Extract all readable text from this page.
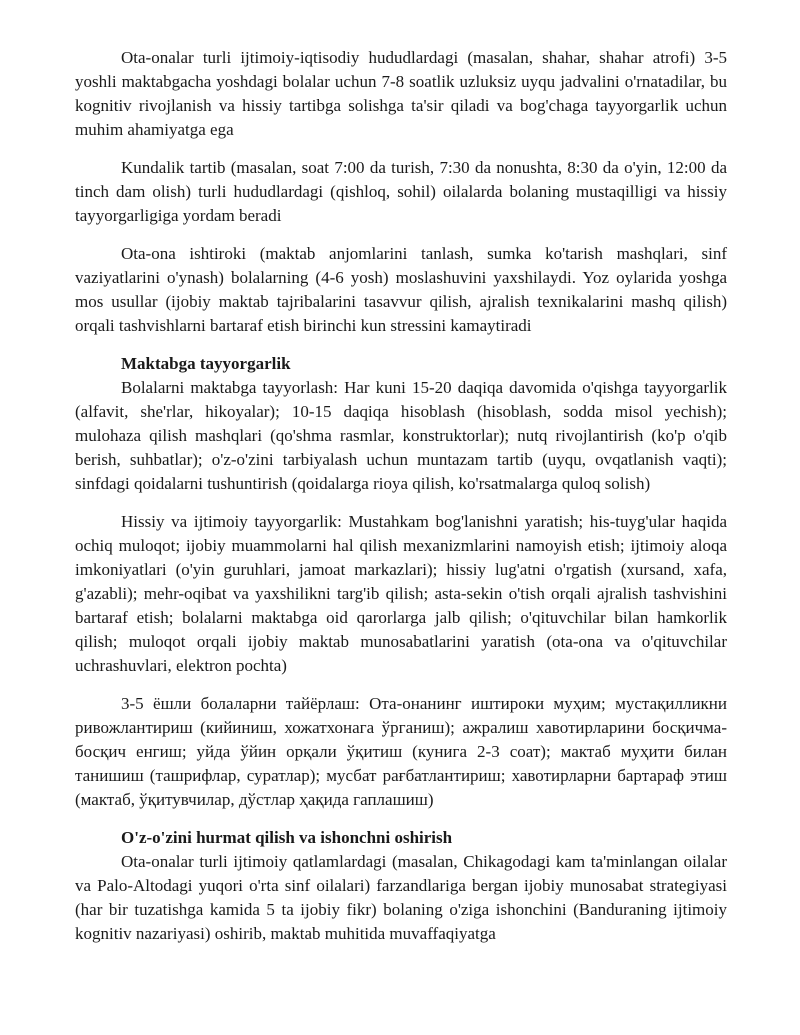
Ota-onalar turli ijtimoiy-iqtisodiy hududlardagi (masalan, shahar, shahar atrofi) 3-5 yoshli maktabgacha yoshdagi bolalar uchun 7-8 soatlik uzluksiz uyqu jadvalini o'rnatadilar, bu kognitiv rivojlanish va hissiy tartibga solishga ta'sir qiladi va bog'chaga tayyorgarlik uchun muhim ahamiyatga ega

Kundalik tartib (masalan, soat 7:00 da turish, 7:30 da nonushta, 8:30 da o'yin, 12:00 da tinch dam olish) turli hududlardagi (qishloq, sohil) oilalarda bolaning mustaqilligi va hissiy tayyorgarligiga yordam beradi

Ota-ona ishtiroki (maktab anjomlarini tanlash, sumka ko'tarish mashqlari, sinf vaziyatlarini o'ynash) bolalarning (4-6 yosh) moslashuvini yaxshilaydi. Yoz oylarida yoshga mos usullar (ijobiy maktab tajribalarini tasavvur qilish, ajralish texnikalarini mashq qilish) orqali tashvishlarni bartaraf etish birinchi kun stressini kamaytiradi

Maktabga tayyorgarlik

Bolalarni maktabga tayyorlash: Har kuni 15-20 daqiqa davomida o'qishga tayyorgarlik (alfavit, she'rlar, hikoyalar); 10-15 daqiqa hisoblash (hisoblash, sodda misol yechish); mulohaza qilish mashqlari (qo'shma rasmlar, konstruktorlar); nutq rivojlantirish (ko'p o'qib berish, suhbatlar); o'z-o'zini tarbiyalash uchun muntazam tartib (uyqu, ovqatlanish vaqti); sinfdagi qoidalarni tushuntirish (qoidalarga rioya qilish, ko'rsatmalarga quloq solish)

Hissiy va ijtimoiy tayyorgarlik: Mustahkam bog'lanishni yaratish; his-tuyg'ular haqida ochiq muloqot; ijobiy muammolarni hal qilish mexanizmlarini namoyish etish; ijtimoiy aloqa imkoniyatlari (o'yin guruhlari, jamoat markazlari); hissiy lug'atni o'rgatish (xursand, xafa, g'azabli); mehr-oqibat va yaxshilikni targ'ib qilish; asta-sekin o'tish orqali ajralish tashvishini bartaraf etish; bolalarni maktabga oid qarorlarga jalb qilish; o'qituvchilar bilan hamkorlik qilish; muloqot orqali ijobiy maktab munosabatlarini yaratish (ota-ona va o'qituvchilar uchrashuvlari, elektron pochta)

3-5 ёшли болаларни тайёрлаш: Ота-онанинг иштироки муҳим; мустақилликни ривожлантириш (кийиниш, хожатхонага ўрганиш); ажралиш хавотирларини босқичма-босқич енгиш; уйда ўйин орқали ўқитиш (кунига 2-3 соат); мактаб муҳити билан танишиш (ташрифлар, суратлар); мусбат рағбатлантириш; хавотирларни бартараф этиш (мактаб, ўқитувчилар, дўстлар ҳақида гаплашиш)

O'z-o'zini hurmat qilish va ishonchni oshirish

Ota-onalar turli ijtimoiy qatlamlardagi (masalan, Chikagodagi kam ta'minlangan oilalar va Palo-Altodagi yuqori o'rta sinf oilalari) farzandlariga bergan ijobiy munosabat strategiyasi (har bir tuzatishga kamida 5 ta ijobiy fikr) bolaning o'ziga ishonchini (Banduraning ijtimoiy kognitiv nazariyasi) oshirib, maktab muhitida muvaffaqiyatga
